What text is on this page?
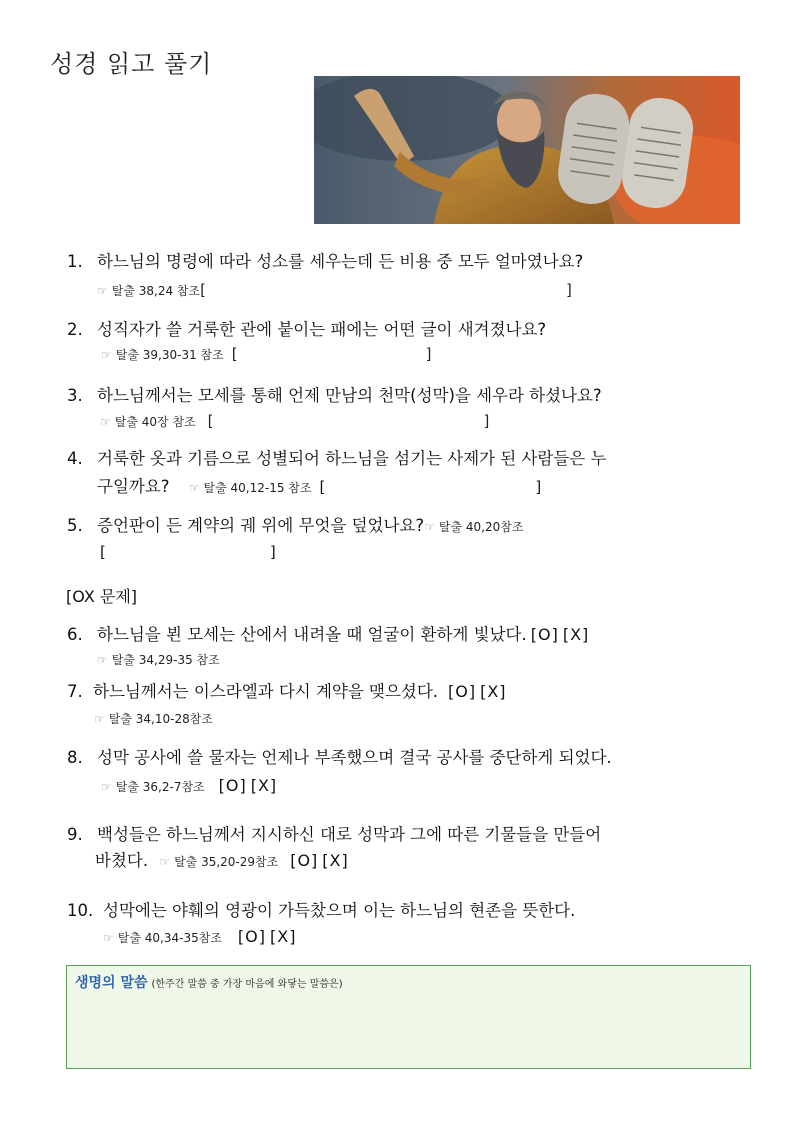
성경 읽고 풀기
1. 하느님의 명령에 따라 성소를 세우는데 든 비용 중 모두 얼마였나요?
☞ 탈출 38,24 참조[	]
2. 성직자가 쓸 거룩한 관에 붙이는 패에는 어떤 글이 새겨졌나요?
☞ 탈출 39,30-31 참조 [	]
3. 하느님께서는 모세를 통해 언제 만남의 천막(성막)을 세우라 하셨나요?
☞ 탈출 40장 참조 [	]
4. 거룩한 옷과 기름으로 성별되어 하느님을 섬기는 사제가 된 사람들은 누
구일까요? ☞ 탈출 40,12-15 참조 [	]
5. 증언판이 든 계약의 궤 위에 무엇을 덮었나요?☞ 탈출 40,20참조
[	]
[OX 문제]
6. 하느님을 뵌 모세는 산에서 내려올 때 얼굴이 환하게 빛났다. [O] [X]
☞ 탈출 34,29-35 참조
7. 하느님께서는 이스라엘과 다시 계약을 맺으셨다. [O] [X]
☞ 탈출 34,10-28참조
8. 성막 공사에 쓸 물자는 언제나 부족했으며 결국 공사를 중단하게 되었다.
☞ 탈출 36,2-7참조 [O] [X]
9. 백성들은 하느님께서 지시하신 대로 성막과 그에 따른 기물들을 만들어
바쳤다. ☞ 탈출 35,20-29참조 [O] [X]
10. 성막에는 야훼의 영광이 가득찼으며 이는 하느님의 현존을 뜻한다.
☞ 탈출 40,34-35참조 [O] [X]
생명의 말씀 (한주간 말씀 중 가장 마음에 와닿는 말씀은)
